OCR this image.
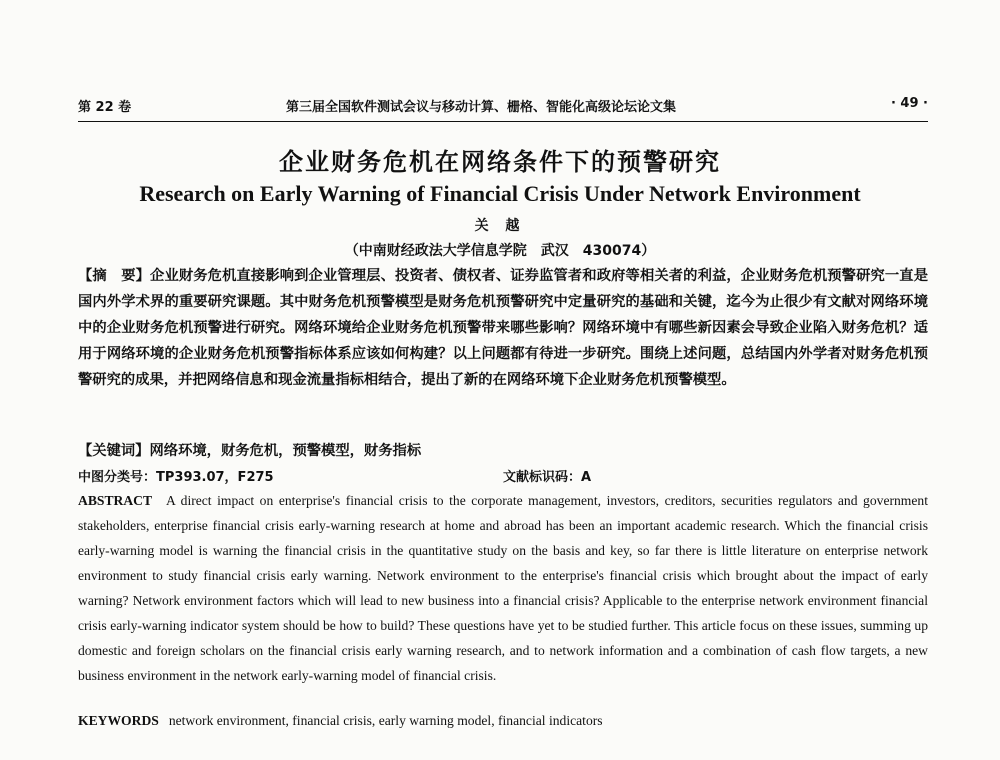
第 22 卷	第三届全国软件测试会议与移动计算、栅格、智能化高级论坛论文集	· 49 ·
企业财务危机在网络条件下的预警研究
Research on Early Warning of Financial Crisis Under Network Environment
关 越
（中南财经政法大学信息学院　武汉　430074）
【摘　要】企业财务危机直接影响到企业管理层、投资者、债权者、证券监管者和政府等相关者的利益，企业财务危机预警研究一直是国内外学术界的重要研究课题。其中财务危机预警模型是财务危机预警研究中定量研究的基础和关键，迄今为止很少有文献对网络环境中的企业财务危机预警进行研究。网络环境给企业财务危机预警带来哪些影响？网络环境中有哪些新因素会导致企业陷入财务危机？适用于网络环境的企业财务危机预警指标体系应该如何构建？以上问题都有待进一步研究。围绕上述问题，总结国内外学者对财务危机预警研究的成果，并把网络信息和现金流量指标相结合，提出了新的在网络环境下企业财务危机预警模型。
【关键词】网络环境，财务危机，预警模型，财务指标
中图分类号：TP393.07，F275	文献标识码：A
ABSTRACT A direct impact on enterprise's financial crisis to the corporate management, investors, creditors, securities regulators and government stakeholders, enterprise financial crisis early-warning research at home and abroad has been an important academic research. Which the financial crisis early-warning model is warning the financial crisis in the quantitative study on the basis and key, so far there is little literature on enterprise network environment to study financial crisis early warning. Network environment to the enterprise's financial crisis which brought about the impact of early warning? Network environment factors which will lead to new business into a financial crisis? Applicable to the enterprise network environment financial crisis early-warning indicator system should be how to build? These questions have yet to be studied further. This article focus on these issues, summing up domestic and foreign scholars on the financial crisis early warning research, and to network information and a combination of cash flow targets, a new business environment in the network early-warning model of financial crisis.
KEYWORDS network environment, financial crisis, early warning model, financial indicators
